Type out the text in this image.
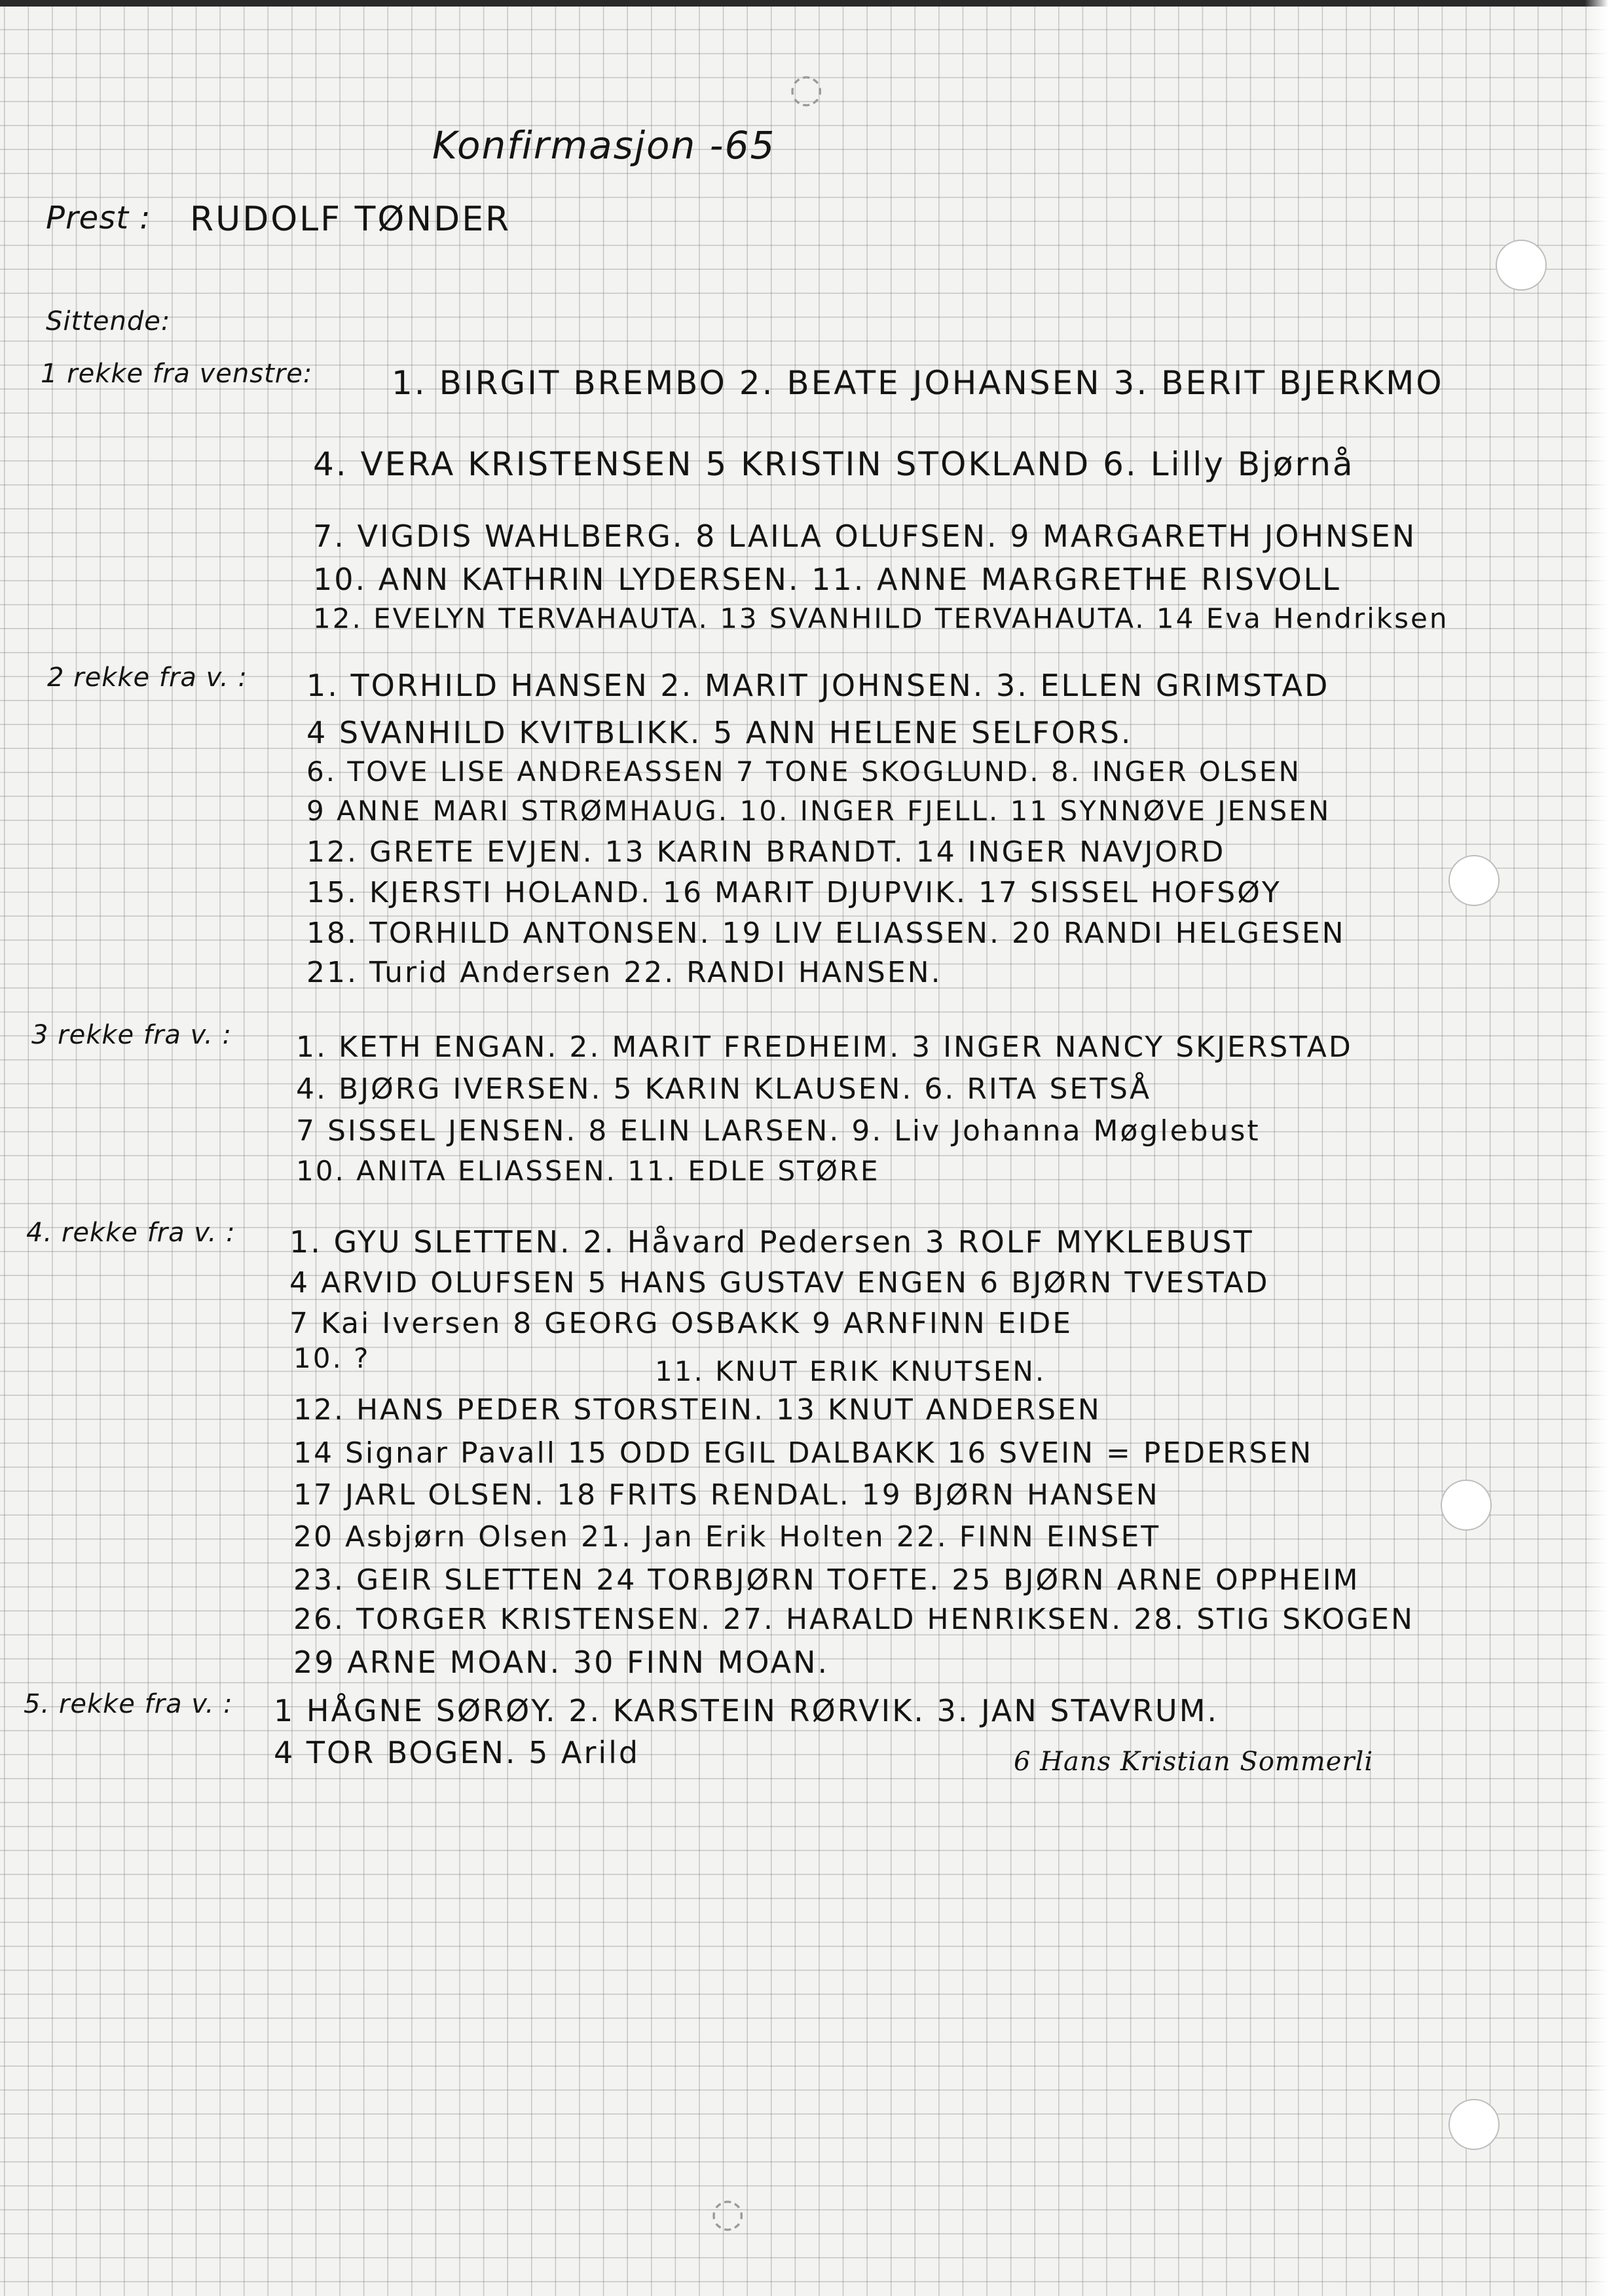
◌
◌
Konfirmasjon -65
Prest : RUDOLF TØNDER
Sittende:
1 rekke fra venstre: 1. BIRGIT BREMBO 2. BEATE JOHANSEN 3. BERIT BJERKMO
4. VERA KRISTENSEN 5 KRISTIN STOKLAND 6. Lilly Bjørnå
7. VIGDIS WAHLBERG. 8 LAILA OLUFSEN. 9 MARGARETH JOHNSEN
10. ANN KATHRIN LYDERSEN. 11. ANNE MARGRETHE RISVOLL
12. EVELYN TERVAHAUTA. 13 SVANHILD TERVAHAUTA. 14 Eva Hendriksen
2 rekke fra v. : 1. TORHILD HANSEN 2. MARIT JOHNSEN. 3. ELLEN GRIMSTAD
4 SVANHILD KVITBLIKK. 5 ANN HELENE SELFORS.
6. TOVE LISE ANDREASSEN 7 TONE SKOGLUND. 8. INGER OLSEN
9 ANNE MARI STRØMHAUG. 10. INGER FJELL. 11 SYNNØVE JENSEN
12. GRETE EVJEN. 13 KARIN BRANDT. 14 INGER NAVJORD
15. KJERSTI HOLAND. 16 MARIT DJUPVIK. 17 SISSEL HOFSØY
18. TORHILD ANTONSEN. 19 LIV ELIASSEN. 20 RANDI HELGESEN
21. Turid Andersen 22. RANDI HANSEN.
3 rekke fra v. : 1. KETH ENGAN. 2. MARIT FREDHEIM. 3 INGER NANCY SKJERSTAD
4. BJØRG IVERSEN. 5 KARIN KLAUSEN. 6. RITA SETSÅ
7 SISSEL JENSEN. 8 ELIN LARSEN. 9. Liv Johanna Møglebust
10. ANITA ELIASSEN. 11. EDLE STØRE
4. rekke fra v. : 1. GYU SLETTEN. 2. Håvard Pedersen 3 ROLF MYKLEBUST
4 ARVID OLUFSEN 5 HANS GUSTAV ENGEN 6 BJØRN TVESTAD
7 Kai Iversen 8 GEORG OSBAKK 9 ARNFINN EIDE
10. ?	11. KNUT ERIK KNUTSEN.
12. HANS PEDER STORSTEIN. 13 KNUT ANDERSEN
14 Signar Pavall 15 ODD EGIL DALBAKK 16 SVEIN = PEDERSEN
17 JARL OLSEN. 18 FRITS RENDAL. 19 BJØRN HANSEN
20 Asbjørn Olsen 21. Jan Erik Holten 22. FINN EINSET
23. GEIR SLETTEN 24 TORBJØRN TOFTE. 25 BJØRN ARNE OPPHEIM
26. TORGER KRISTENSEN. 27. HARALD HENRIKSEN. 28. STIG SKOGEN
29 ARNE MOAN. 30 FINN MOAN.
5. rekke fra v. : 1 HÅGNE SØRØY. 2. KARSTEIN RØRVIK. 3. JAN STAVRUM.
4 TOR BOGEN. 5 Arild	6 Hans Kristian Sommerli
